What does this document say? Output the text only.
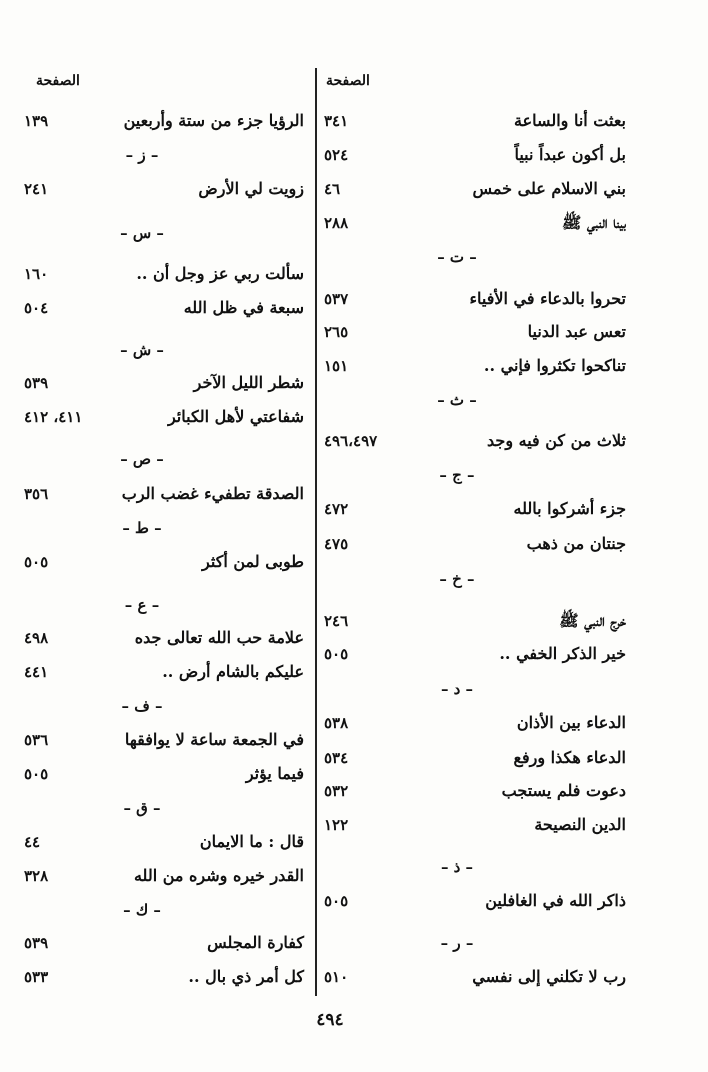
الصفحة
الصفحة
بعثت أنا والساعة
٣٤١
بل أكون عبداً نبياً
٥٢٤
بني الاسلام على خمس
٤٦
بينا النبي ﷺ
٢٨٨
– ت –
تحروا بالدعاء في الأفياء
٥٣٧
تعس عبد الدنيا
٢٦٥
تناكحوا تكثروا فإني ..
١٥١
– ث –
ثلاث من كن فيه وجد
٤٩٦،٤٩٧
– ج –
جزء أشركوا بالله
٤٧٢
جنتان من ذهب
٤٧٥
– خ –
خرج النبي ﷺ
٢٤٦
خير الذكر الخفي ..
٥٠٥
– د –
الدعاء بين الأذان
٥٣٨
الدعاء هكذا ورفع
٥٣٤
دعوت فلم يستجب
٥٣٢
الدين النصيحة
١٢٢
– ذ –
ذاكر الله في الغافلين
٥٠٥
– ر –
رب لا تكلني إلى نفسي
٥١٠
الرؤيا جزء من ستة وأربعين
١٣٩
– ز –
زويت لي الأرض
٢٤١
– س –
سألت ربي عز وجل أن ..
١٦٠
سبعة في ظل الله
٥٠٤
– ش –
شطر الليل الآخر
٥٣٩
شفاعتي لأهل الكبائر
٤١١، ٤١٢
– ص –
الصدقة تطفيء غضب الرب
٣٥٦
– ط –
طوبى لمن أكثر
٥٠٥
– ع –
علامة حب الله تعالى جده
٤٩٨
عليكم بالشام أرض ..
٤٤١
– ف –
في الجمعة ساعة لا يوافقها
٥٣٦
فيما يؤثر
٥٠٥
– ق –
قال : ما الايمان
٤٤
القدر خيره وشره من الله
٣٢٨
– ك –
كفارة المجلس
٥٣٩
كل أمر ذي بال ..
٥٣٣
٤٩٤
